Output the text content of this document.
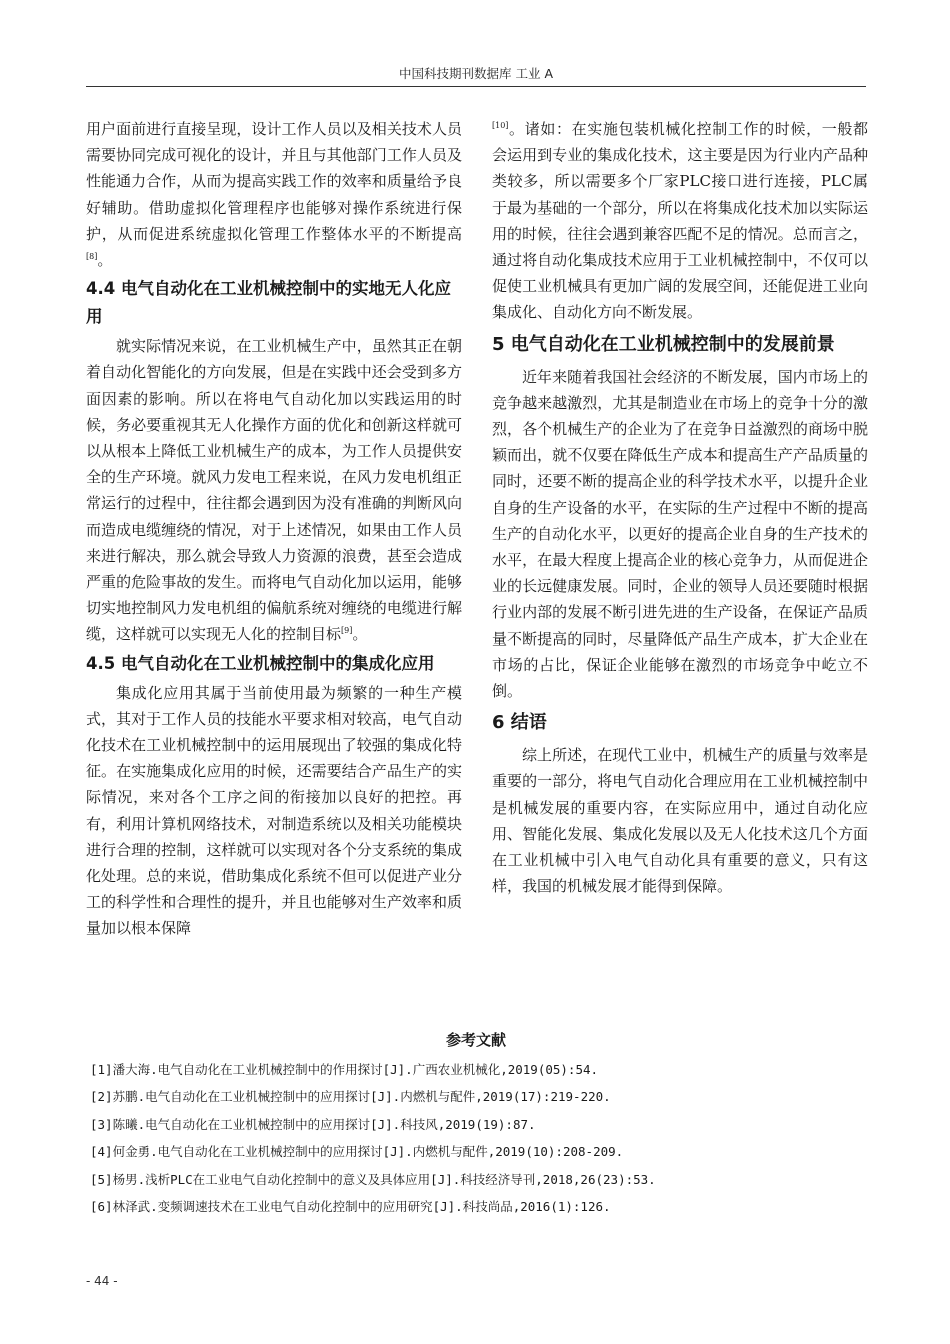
中国科技期刊数据库 工业 A

用户面前进行直接呈现，设计工作人员以及相关技术人员需要协同完成可视化的设计，并且与其他部门工作人员及性能通力合作，从而为提高实践工作的效率和质量给予良好辅助。借助虚拟化管理程序也能够对操作系统进行保护，从而促进系统虚拟化管理工作整体水平的不断提高[8]。

4.4 电气自动化在工业机械控制中的实地无人化应用

就实际情况来说，在工业机械生产中，虽然其正在朝着自动化智能化的方向发展，但是在实践中还会受到多方面因素的影响。所以在将电气自动化加以实践运用的时候，务必要重视其无人化操作方面的优化和创新这样就可以从根本上降低工业机械生产的成本，为工作人员提供安全的生产环境。就风力发电工程来说，在风力发电机组正常运行的过程中，往往都会遇到因为没有准确的判断风向而造成电缆缠绕的情况，对于上述情况，如果由工作人员来进行解决，那么就会导致人力资源的浪费，甚至会造成严重的危险事故的发生。而将电气自动化加以运用，能够切实地控制风力发电机组的偏航系统对缠绕的电缆进行解缆，这样就可以实现无人化的控制目标[9]。

4.5 电气自动化在工业机械控制中的集成化应用

集成化应用其属于当前使用最为频繁的一种生产模式，其对于工作人员的技能水平要求相对较高，电气自动化技术在工业机械控制中的运用展现出了较强的集成化特征。在实施集成化应用的时候，还需要结合产品生产的实际情况，来对各个工序之间的衔接加以良好的把控。再有，利用计算机网络技术，对制造系统以及相关功能模块进行合理的控制，这样就可以实现对各个分支系统的集成化处理。总的来说，借助集成化系统不但可以促进产业分工的科学性和合理性的提升，并且也能够对生产效率和质量加以根本保障

[10]。诸如：在实施包装机械化控制工作的时候，一般都会运用到专业的集成化技术，这主要是因为行业内产品种类较多，所以需要多个厂家PLC接口进行连接，PLC属于最为基础的一个部分，所以在将集成化技术加以实际运用的时候，往往会遇到兼容匹配不足的情况。总而言之，通过将自动化集成技术应用于工业机械控制中，不仅可以促使工业机械具有更加广阔的发展空间，还能促进工业向集成化、自动化方向不断发展。

5 电气自动化在工业机械控制中的发展前景

近年来随着我国社会经济的不断发展，国内市场上的竞争越来越激烈，尤其是制造业在市场上的竞争十分的激烈，各个机械生产的企业为了在竞争日益激烈的商场中脱颖而出，就不仅要在降低生产成本和提高生产产品质量的同时，还要不断的提高企业的科学技术水平，以提升企业自身的生产设备的水平，在实际的生产过程中不断的提高生产的自动化水平，以更好的提高企业自身的生产技术的水平，在最大程度上提高企业的核心竞争力，从而促进企业的长远健康发展。同时，企业的领导人员还要随时根据行业内部的发展不断引进先进的生产设备，在保证产品质量不断提高的同时，尽量降低产品生产成本，扩大企业在市场的占比，保证企业能够在激烈的市场竞争中屹立不倒。

6 结语

综上所述，在现代工业中，机械生产的质量与效率是重要的一部分，将电气自动化合理应用在工业机械控制中是机械发展的重要内容，在实际应用中，通过自动化应用、智能化发展、集成化发展以及无人化技术这几个方面在工业机械中引入电气自动化具有重要的意义，只有这样，我国的机械发展才能得到保障。

参考文献
[1]潘大海.电气自动化在工业机械控制中的作用探讨[J].广西农业机械化,2019(05):54.
[2]苏鹏.电气自动化在工业机械控制中的应用探讨[J].内燃机与配件,2019(17):219-220.
[3]陈曦.电气自动化在工业机械控制中的应用探讨[J].科技风,2019(19):87.
[4]何金勇.电气自动化在工业机械控制中的应用探讨[J].内燃机与配件,2019(10):208-209.
[5]杨男.浅析PLC在工业电气自动化控制中的意义及具体应用[J].科技经济导刊,2018,26(23):53.
[6]林泽武.变频调速技术在工业电气自动化控制中的应用研究[J].科技尚品,2016(1):126.
- 44 -
